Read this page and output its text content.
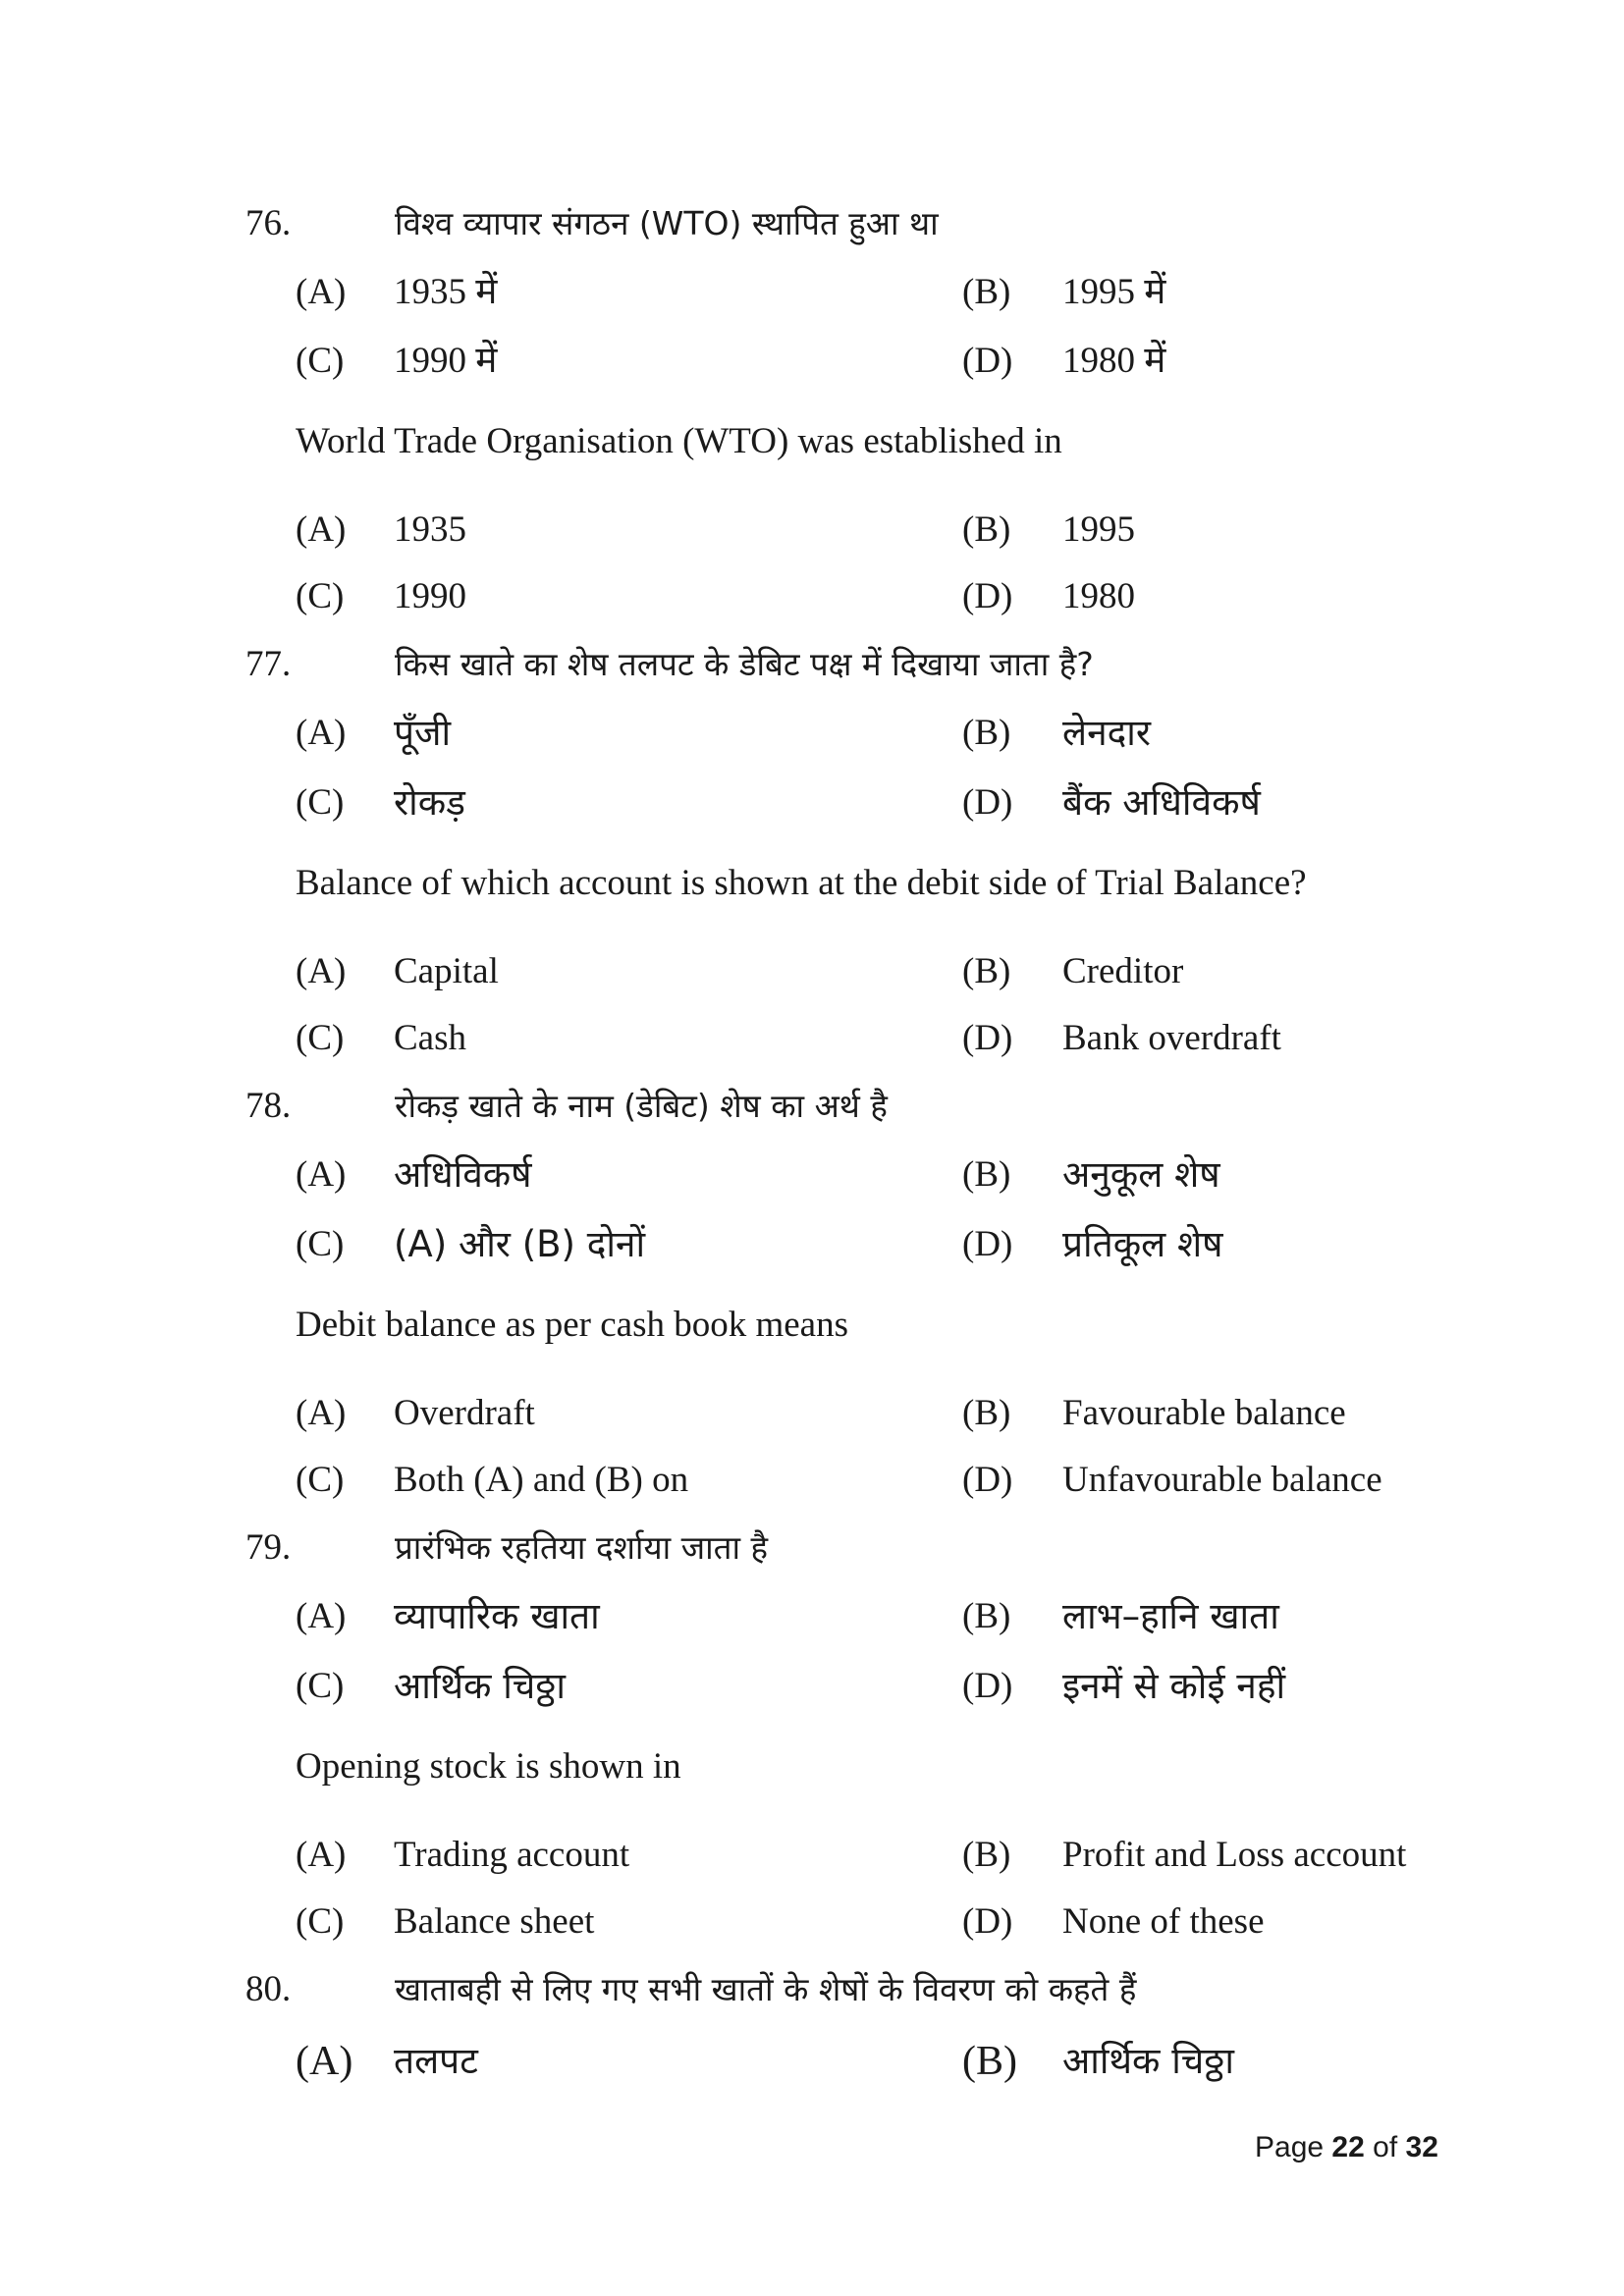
76.	विश्व व्यापार संगठन (WTO) स्थापित हुआ था
(A) 1935 में	(B) 1995 में
(C) 1990 में	(D) 1980 में
World Trade Organisation (WTO) was established in
(A) 1935	(B) 1995
(C) 1990	(D) 1980
77.	किस खाते का शेष तलपट के डेबिट पक्ष में दिखाया जाता है?
(A) पूँजी	(B) लेनदार
(C) रोकड़	(D) बैंक अधिविकर्ष
Balance of which account is shown at the debit side of Trial Balance?
(A) Capital	(B) Creditor
(C) Cash	(D) Bank overdraft
78.	रोकड़ खाते के नाम (डेबिट) शेष का अर्थ है
(A) अधिविकर्ष	(B) अनुकूल शेष
(C) (A) और (B) दोनों	(D) प्रतिकूल शेष
Debit balance as per cash book means
(A) Overdraft	(B) Favourable balance
(C) Both (A) and (B) on	(D) Unfavourable balance
79.	प्रारंभिक रहतिया दर्शाया जाता है
(A) व्यापारिक खाता	(B) लाभ–हानि खाता
(C) आर्थिक चिठ्ठा	(D) इनमें से कोई नहीं
Opening stock is shown in
(A) Trading account	(B) Profit and Loss account
(C) Balance sheet	(D) None of these
80.	खाताबही से लिए गए सभी खातों के शेषों के विवरण को कहते हैं
(A) तलपट	(B) आर्थिक चिठ्ठा
Page 22 of 32
